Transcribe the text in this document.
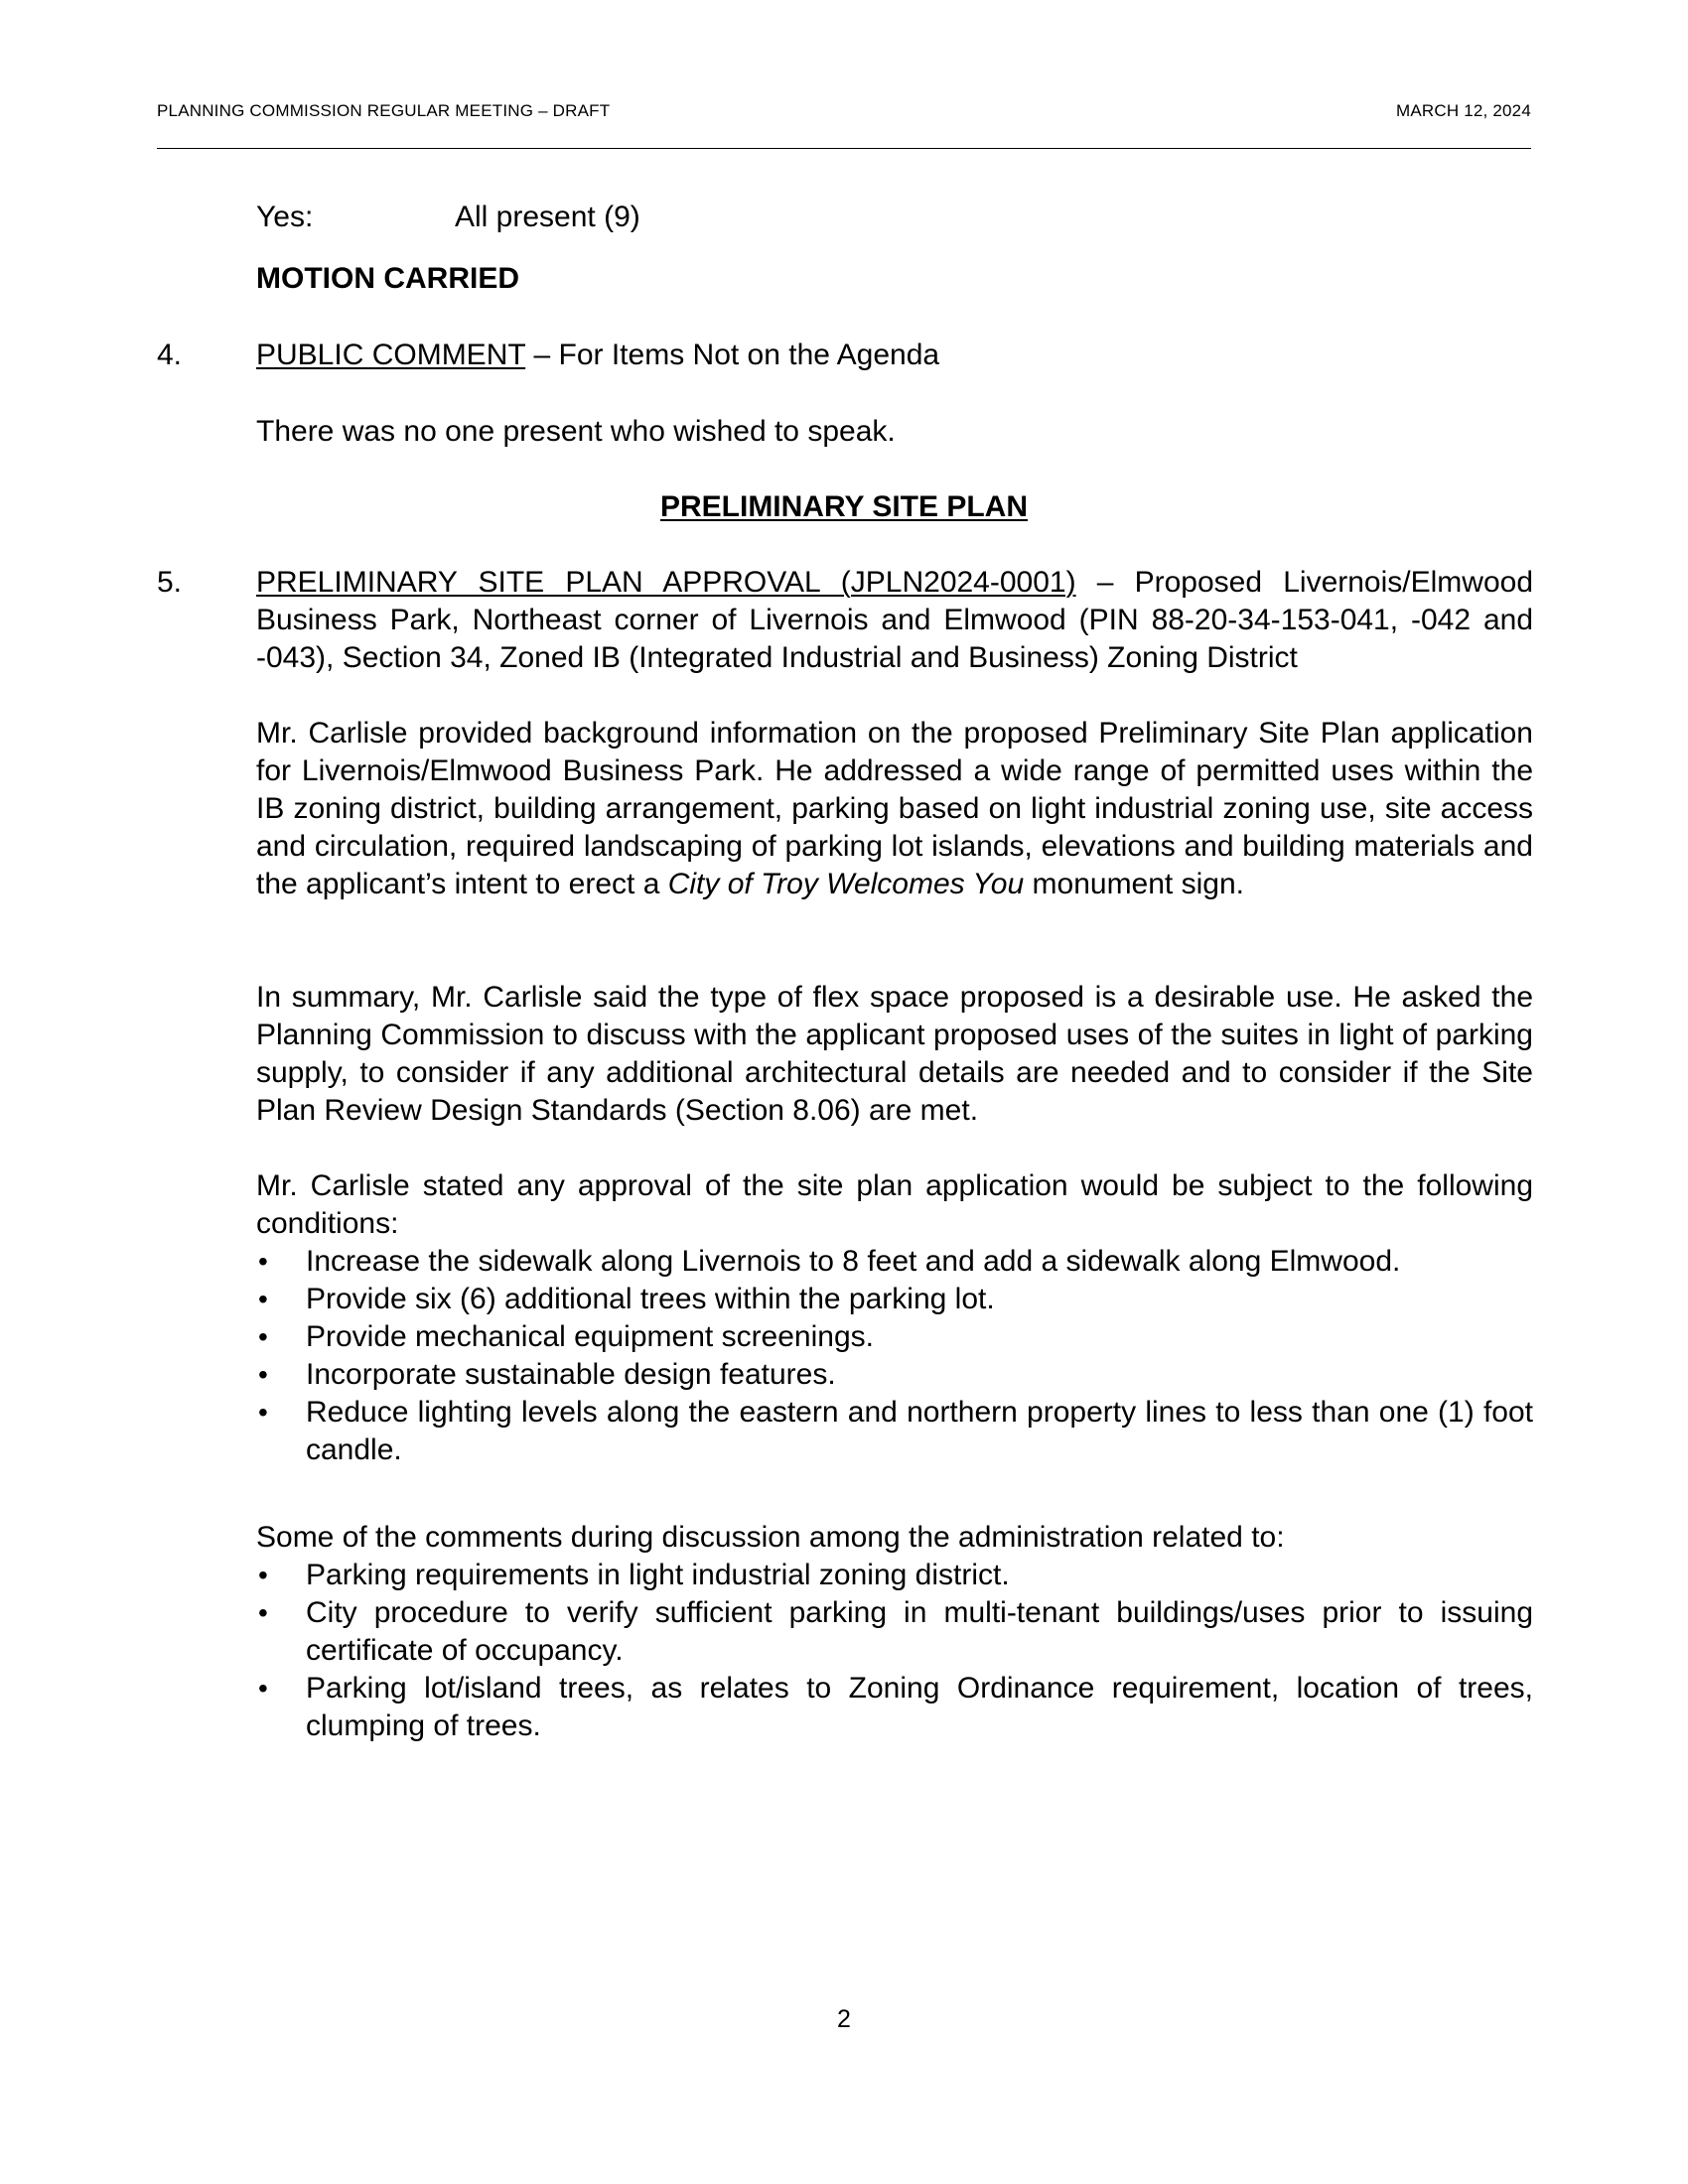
PLANNING COMMISSION REGULAR MEETING – DRAFT	MARCH 12, 2024
Yes:	All present (9)
MOTION CARRIED
4. PUBLIC COMMENT – For Items Not on the Agenda
There was no one present who wished to speak.
PRELIMINARY SITE PLAN
5. PRELIMINARY SITE PLAN APPROVAL (JPLN2024-0001) – Proposed Livernois/Elmwood Business Park, Northeast corner of Livernois and Elmwood (PIN 88-20-34-153-041, -042 and -043), Section 34, Zoned IB (Integrated Industrial and Business) Zoning District
Mr. Carlisle provided background information on the proposed Preliminary Site Plan application for Livernois/Elmwood Business Park. He addressed a wide range of permitted uses within the IB zoning district, building arrangement, parking based on light industrial zoning use, site access and circulation, required landscaping of parking lot islands, elevations and building materials and the applicant’s intent to erect a City of Troy Welcomes You monument sign.
In summary, Mr. Carlisle said the type of flex space proposed is a desirable use. He asked the Planning Commission to discuss with the applicant proposed uses of the suites in light of parking supply, to consider if any additional architectural details are needed and to consider if the Site Plan Review Design Standards (Section 8.06) are met.
Mr. Carlisle stated any approval of the site plan application would be subject to the following conditions:
•	Increase the sidewalk along Livernois to 8 feet and add a sidewalk along Elmwood.
•	Provide six (6) additional trees within the parking lot.
•	Provide mechanical equipment screenings.
•	Incorporate sustainable design features.
•	Reduce lighting levels along the eastern and northern property lines to less than one (1) foot candle.
Some of the comments during discussion among the administration related to:
•	Parking requirements in light industrial zoning district.
•	City procedure to verify sufficient parking in multi-tenant buildings/uses prior to issuing certificate of occupancy.
•	Parking lot/island trees, as relates to Zoning Ordinance requirement, location of trees, clumping of trees.
2
